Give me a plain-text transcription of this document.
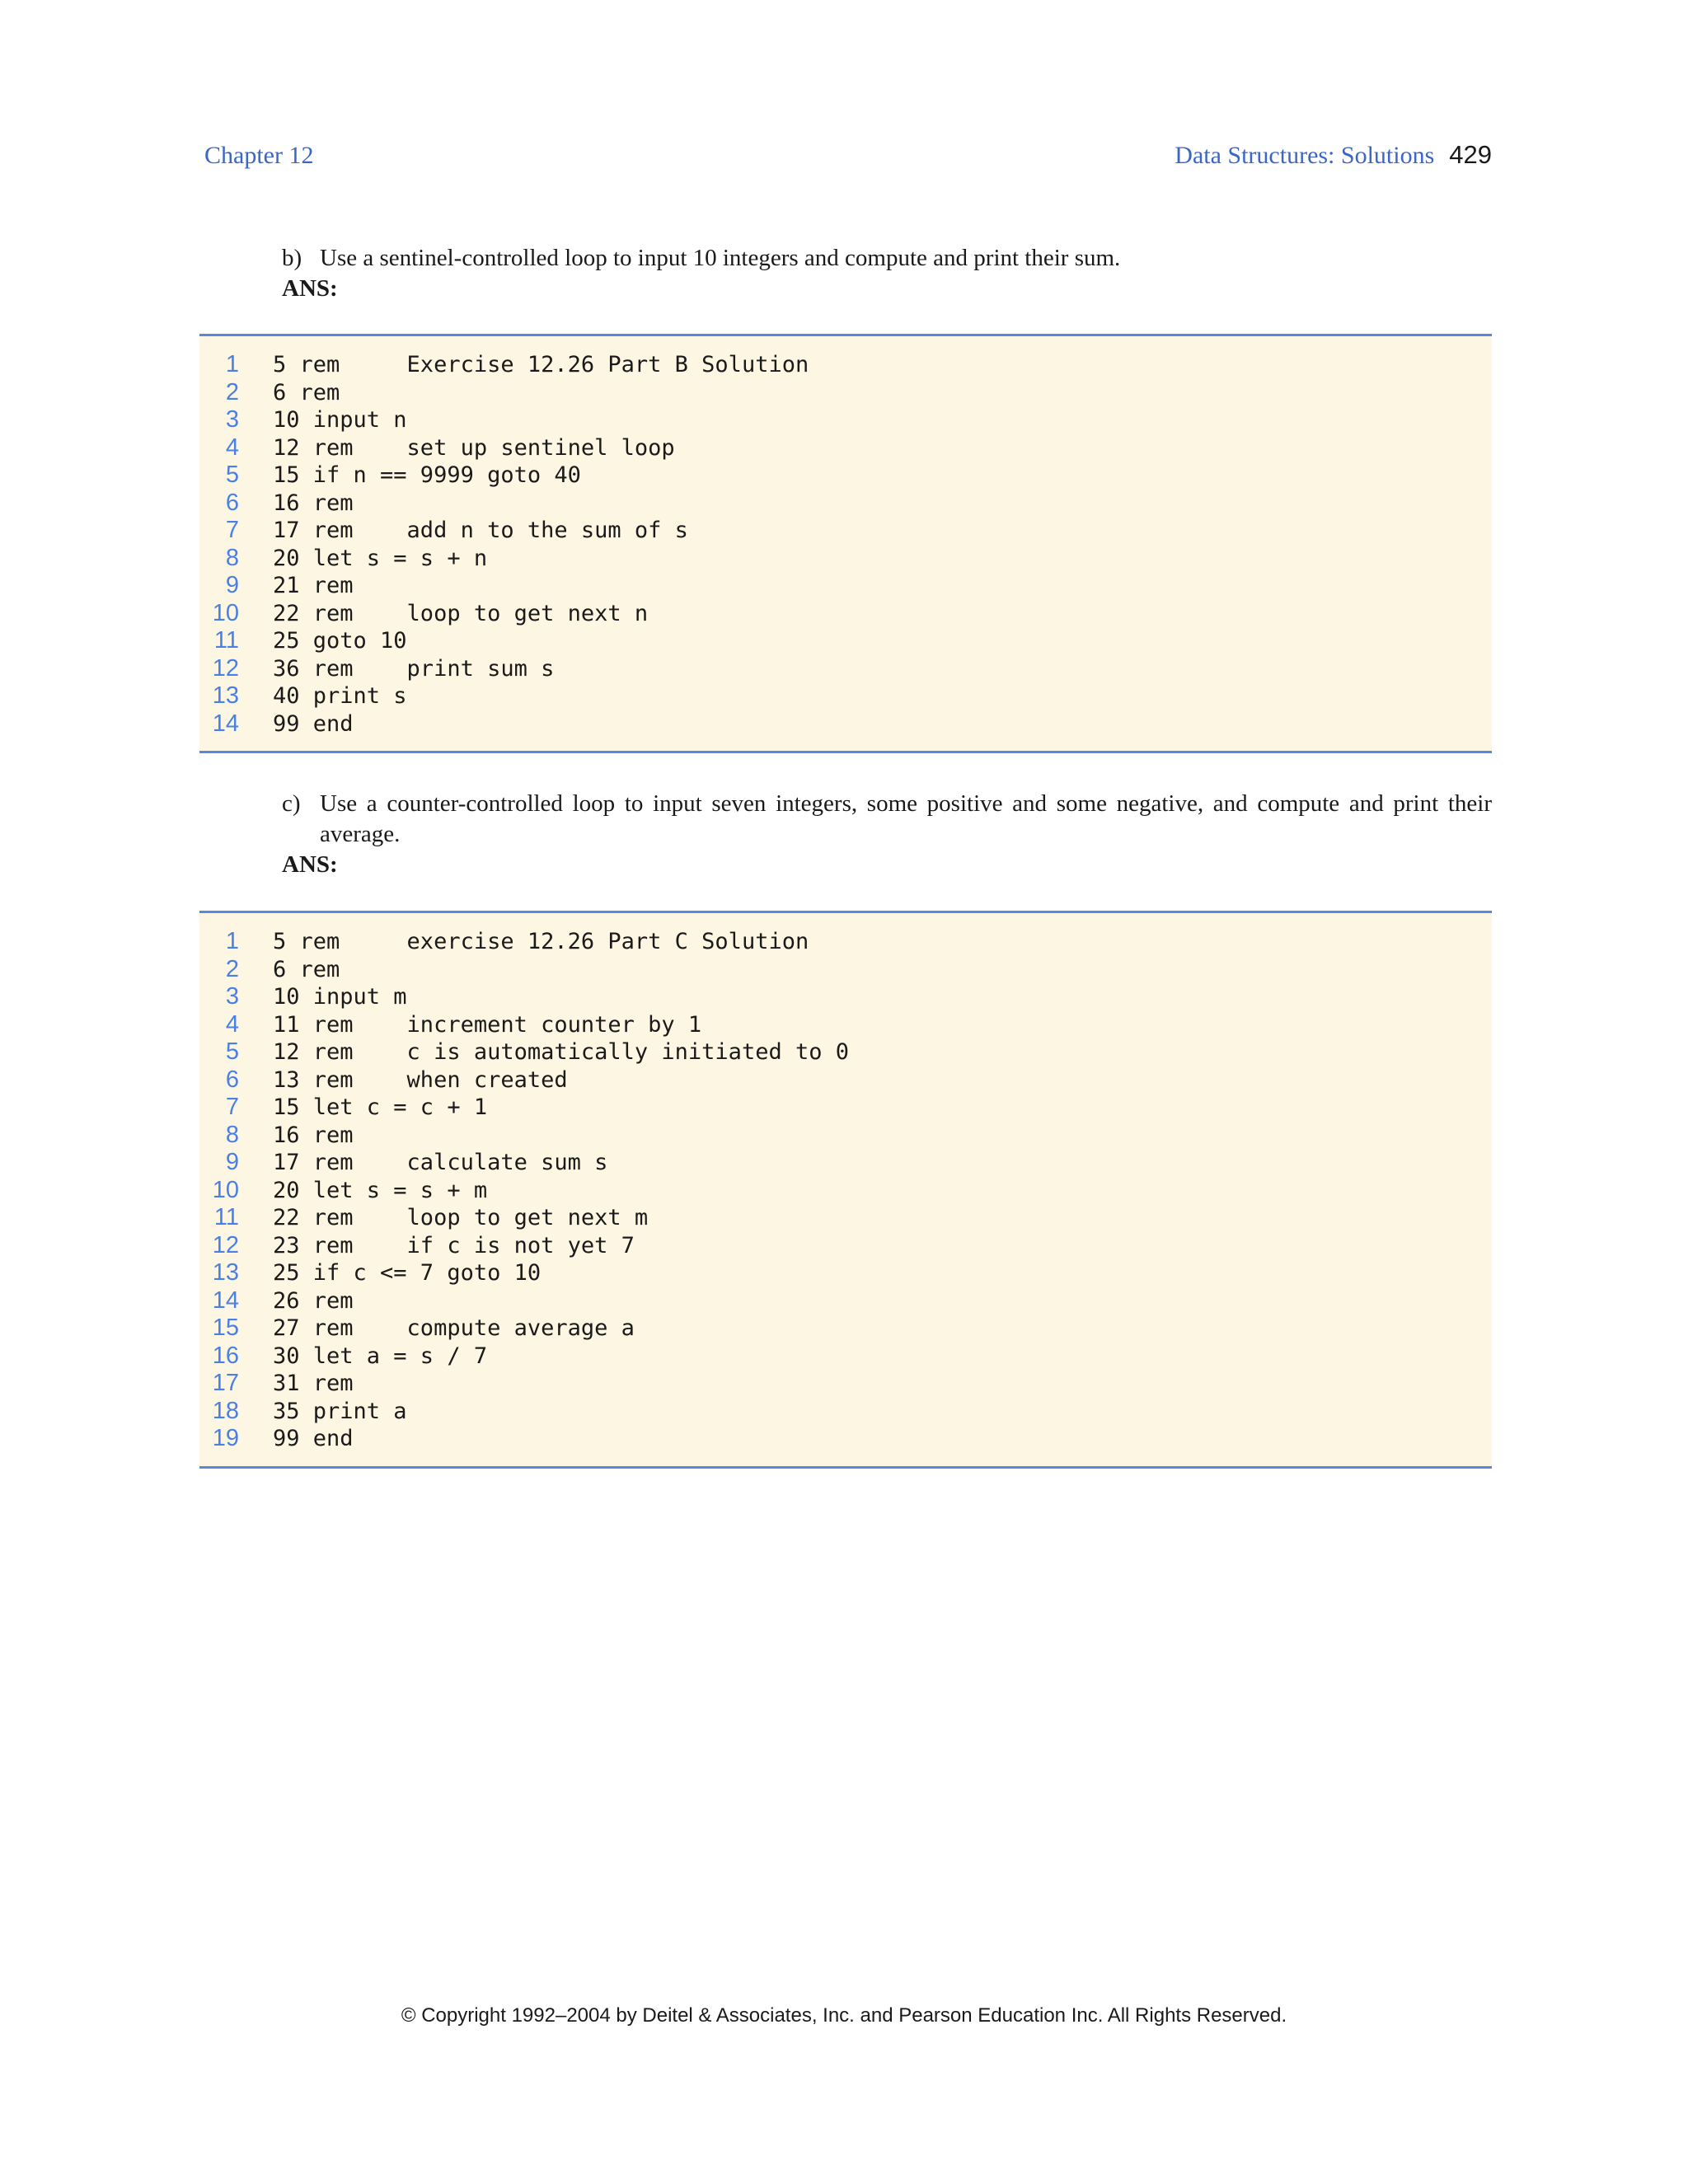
Chapter 12	Data Structures: Solutions 429
b) Use a sentinel-controlled loop to input 10 integers and compute and print their sum.
ANS:
1 5 rem     Exercise 12.26 Part B Solution
2 6 rem
3 10 input n
4 12 rem    set up sentinel loop
5 15 if n == 9999 goto 40
6 16 rem
7 17 rem    add n to the sum of s
8 20 let s = s + n
9 21 rem
10 22 rem    loop to get next n
11 25 goto 10
12 36 rem    print sum s
13 40 print s
14 99 end
c) Use a counter-controlled loop to input seven integers, some positive and some negative, and compute and print their average.
ANS:
1 5 rem     exercise 12.26 Part C Solution
2 6 rem
3 10 input m
4 11 rem    increment counter by 1
5 12 rem    c is automatically initiated to 0
6 13 rem    when created
7 15 let c = c + 1
8 16 rem
9 17 rem    calculate sum s
10 20 let s = s + m
11 22 rem    loop to get next m
12 23 rem    if c is not yet 7
13 25 if c <= 7 goto 10
14 26 rem
15 27 rem    compute average a
16 30 let a = s / 7
17 31 rem
18 35 print a
19 99 end
© Copyright 1992–2004 by Deitel & Associates, Inc. and Pearson Education Inc. All Rights Reserved.
